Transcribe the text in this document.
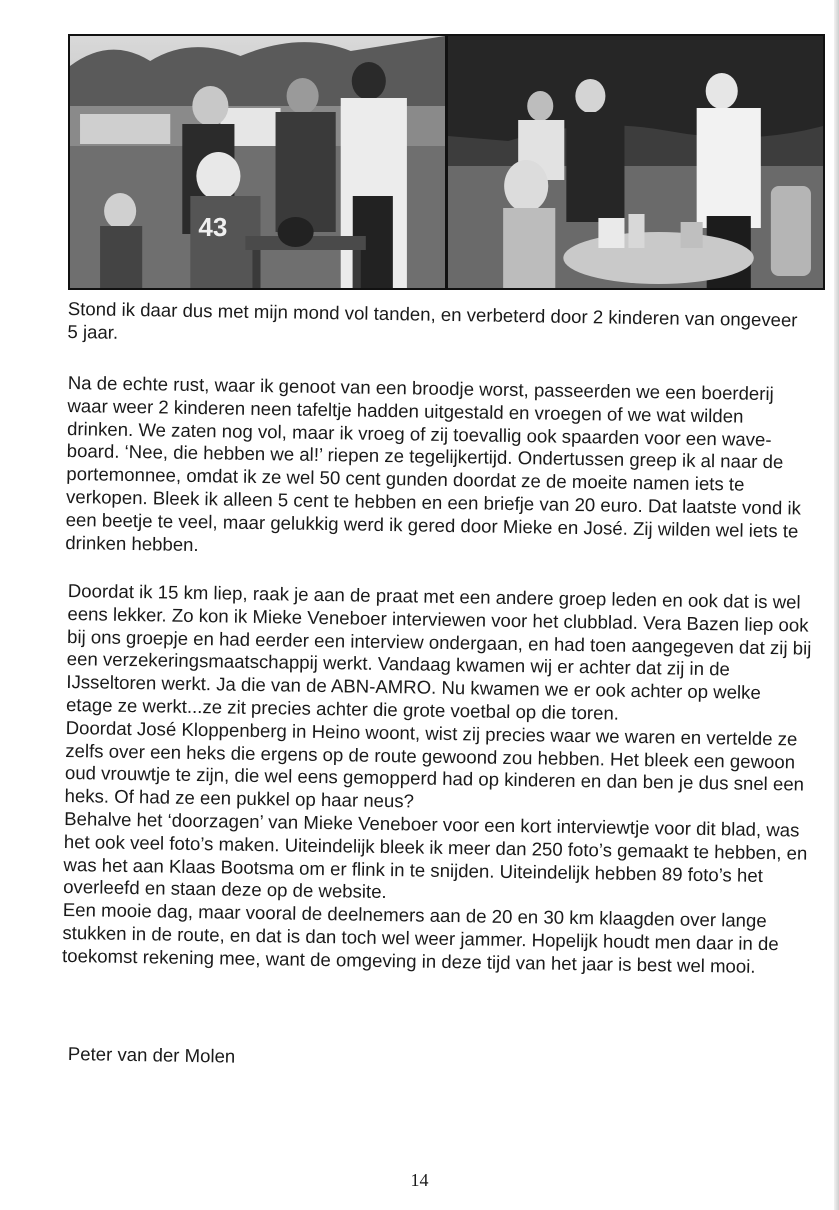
43

Stond ik daar dus met mijn mond vol tanden, en verbeterd door 2 kinderen van ongeveer 5 jaar.

Na de echte rust, waar ik genoot van een broodje worst, passeerden we een boerderij waar weer 2 kinderen neen tafeltje hadden uitgestald en vroegen of we wat wilden drinken. We zaten nog vol, maar ik vroeg of zij toevallig ook spaarden voor een wave-board. ‘Nee, die hebben we al!’ riepen ze tegelijkertijd. Ondertussen greep ik al naar de portemonnee, omdat ik ze wel 50 cent gunden doordat ze de moeite namen iets te verkopen. Bleek ik alleen 5 cent te hebben en een briefje van 20 euro. Dat laatste vond ik een beetje te veel, maar gelukkig werd ik gered door Mieke en José. Zij wilden wel iets te drinken hebben.

Doordat ik 15 km liep, raak je aan de praat met een andere groep leden en ook dat is wel eens lekker. Zo kon ik Mieke Veneboer interviewen voor het clubblad. Vera Bazen liep ook bij ons groepje en had eerder een interview ondergaan, en had toen aangegeven dat zij bij een verzekeringsmaatschappij werkt. Vandaag kwamen wij er achter dat zij in de IJsseltoren werkt. Ja die van de ABN-AMRO. Nu kwamen we er ook achter op welke etage ze werkt...ze zit precies achter die grote voetbal op die toren.

Doordat José Kloppenberg in Heino woont, wist zij precies waar we waren en vertelde ze zelfs over een heks die ergens op de route gewoond zou hebben. Het bleek een gewoon oud vrouwtje te zijn, die wel eens gemopperd had op kinderen en dan ben je dus snel een heks. Of had ze een pukkel op haar neus?

Behalve het ‘doorzagen’ van Mieke Veneboer voor een kort interviewtje voor dit blad, was het ook veel foto’s maken. Uiteindelijk bleek ik meer dan 250 foto’s gemaakt te hebben, en was het aan Klaas Bootsma om er flink in te snijden. Uiteindelijk hebben 89 foto’s het overleefd en staan deze op de website.

Een mooie dag, maar vooral de deelnemers aan de 20 en 30 km klaagden over lange stukken in de route, en dat is dan toch wel weer jammer. Hopelijk houdt men daar in de toekomst rekening mee, want de omgeving in deze tijd van het jaar is best wel mooi.

Peter van der Molen

14
